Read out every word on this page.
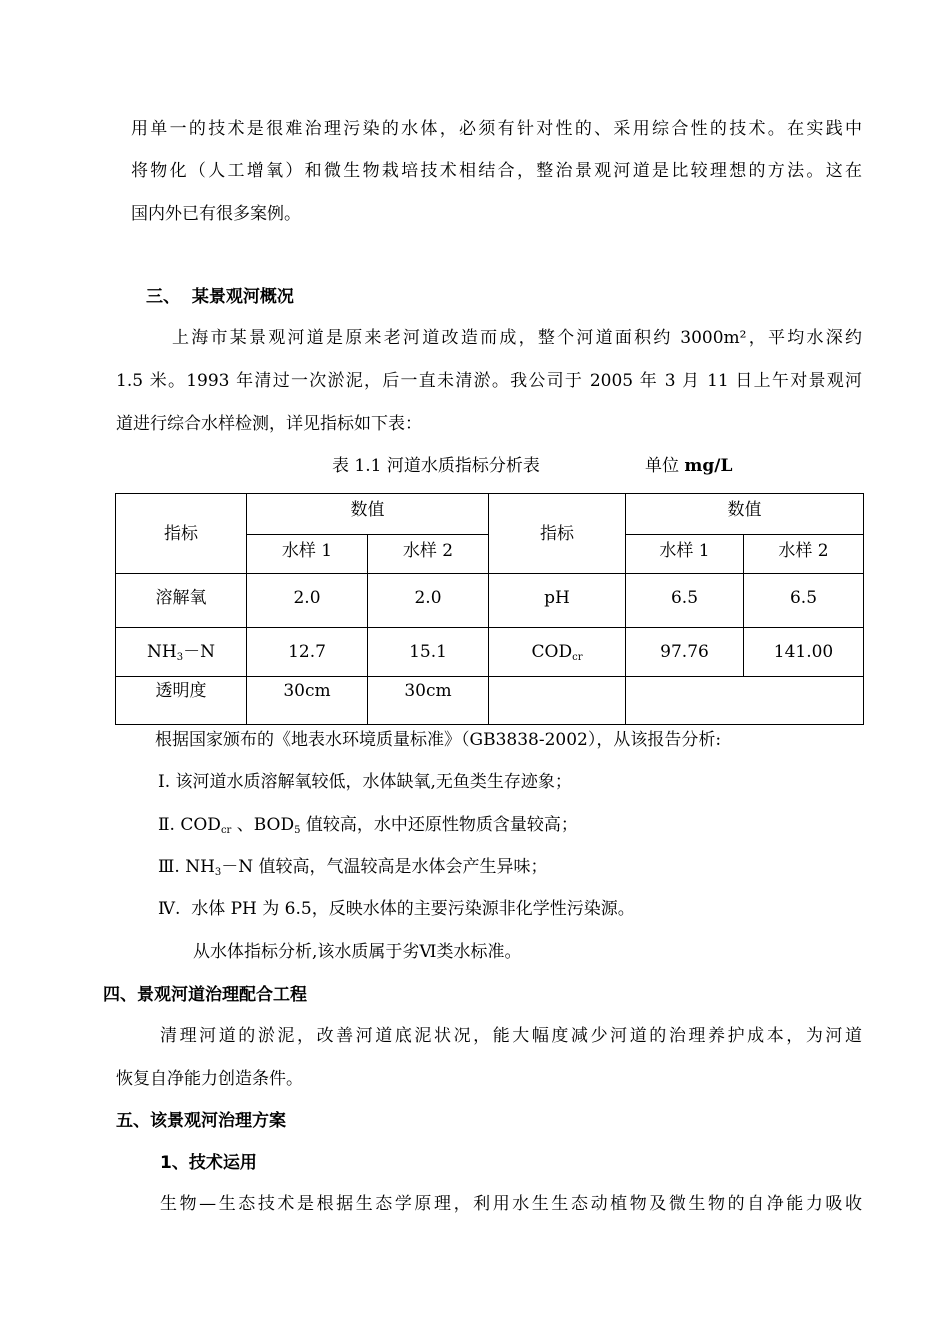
用单一的技术是很难治理污染的水体，必须有针对性的、采用综合性的技术。在实践中
将物化（人工增氧）和微生物栽培技术相结合，整治景观河道是比较理想的方法。这在
国内外已有很多案例。
三、  某景观河概况
上海市某景观河道是原来老河道改造而成，整个河道面积约 3000m²，平均水深约
1.5 米。1993 年清过一次淤泥，后一直未清淤。我公司于 2005 年 3 月 11 日上午对景观河
道进行综合水样检测，详见指标如下表：
表 1.1 河道水质指标分析表	单位 mg/L
指标	数值		指标	数值	
	水样 1	水样 2		水样 1	水样 2
溶解氧	2.0	2.0	pH	6.5	6.5
$NH_3-N$	12.7	15.1	$COD_{cr}$	97.76	141.00
透明度	30cm	30cm			
根据国家颁布的《地表水环境质量标准》（GB3838-2002），从该报告分析:
Ⅰ. 该河道水质溶解氧较低，水体缺氧,无鱼类生存迹象；
Ⅱ. $COD_{cr}$ 、$BOD_5$ 值较高，水中还原性物质含量较高；
Ⅲ. $NH_3-N$ 值较高，气温较高是水体会产生异味；
Ⅳ.  水体 PH 为 6.5，反映水体的主要污染源非化学性污染源。
从水体指标分析,该水质属于劣Ⅵ类水标准。
四、景观河道治理配合工程
清理河道的淤泥，改善河道底泥状况，能大幅度减少河道的治理养护成本，为河道
恢复自净能力创造条件。
五、该景观河治理方案
1、技术运用
生物—生态技术是根据生态学原理，利用水生生态动植物及微生物的自净能力吸收
